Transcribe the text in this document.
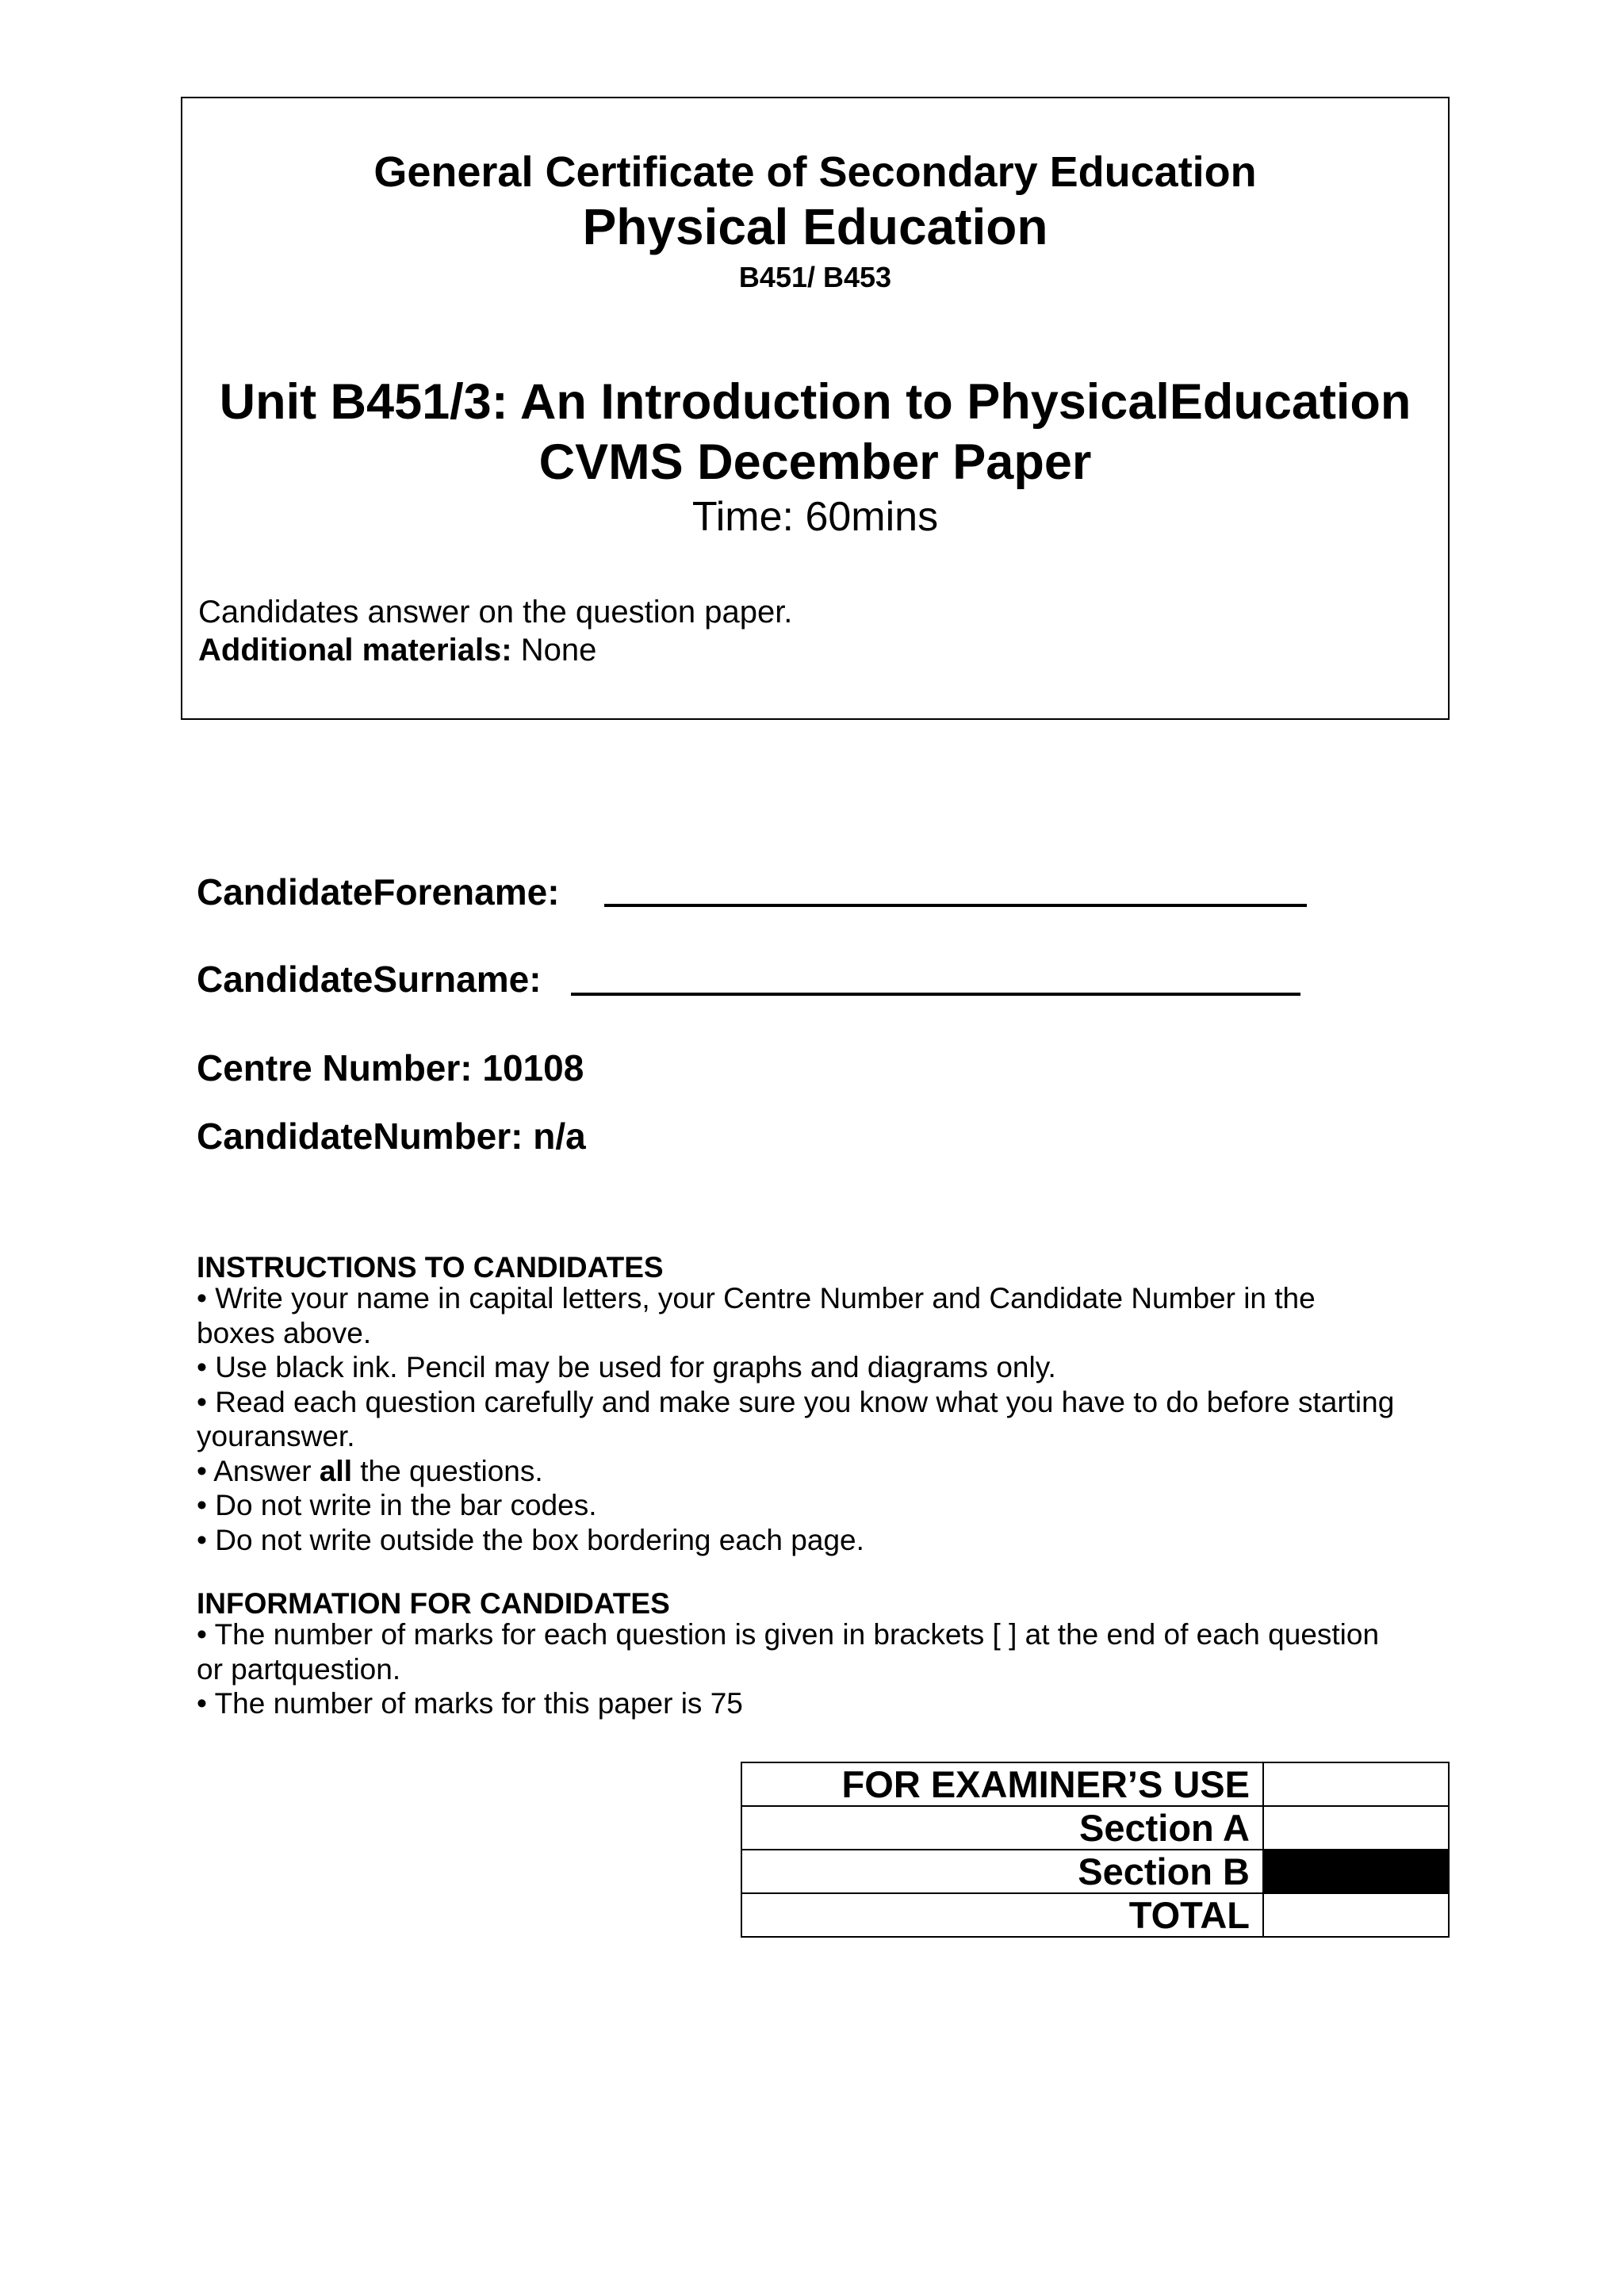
General Certificate of Secondary Education

Physical Education

B451/ B453

Unit B451/3: An Introduction to PhysicalEducation

CVMS December Paper

Time: 60mins

Candidates answer on the question paper.

Additional materials: None

CandidateForename:

CandidateSurname:

Centre Number: 10108

CandidateNumber: n/a

INSTRUCTIONS TO CANDIDATES

• Write your name in capital letters, your Centre Number and Candidate Number in the
boxes above.
• Use black ink. Pencil may be used for graphs and diagrams only.
• Read each question carefully and make sure you know what you have to do before starting
youranswer.
• Answer all the questions.
• Do not write in the bar codes.
• Do not write outside the box bordering each page.

INFORMATION FOR CANDIDATES

• The number of marks for each question is given in brackets [ ] at the end of each question
or partquestion.
• The number of marks for this paper is 75
FOR EXAMINER’S USE	
Section A	
Section B	
TOTAL	
